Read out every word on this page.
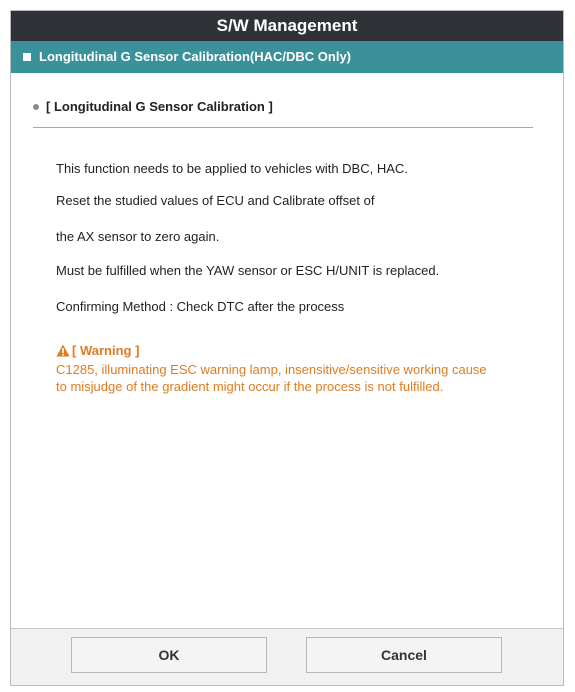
S/W Management
Longitudinal G Sensor Calibration(HAC/DBC Only)
[ Longitudinal G Sensor Calibration ]
This function needs to be applied to vehicles with DBC, HAC.
Reset the studied values of ECU and Calibrate offset of
the AX sensor to zero again.
Must be fulfilled when the YAW sensor or ESC H/UNIT is replaced.
Confirming Method : Check DTC after the process
[ Warning ]
C1285, illuminating ESC warning lamp, insensitive/sensitive working cause
to misjudge of the gradient might occur if the process is not fulfilled.
OK	Cancel
